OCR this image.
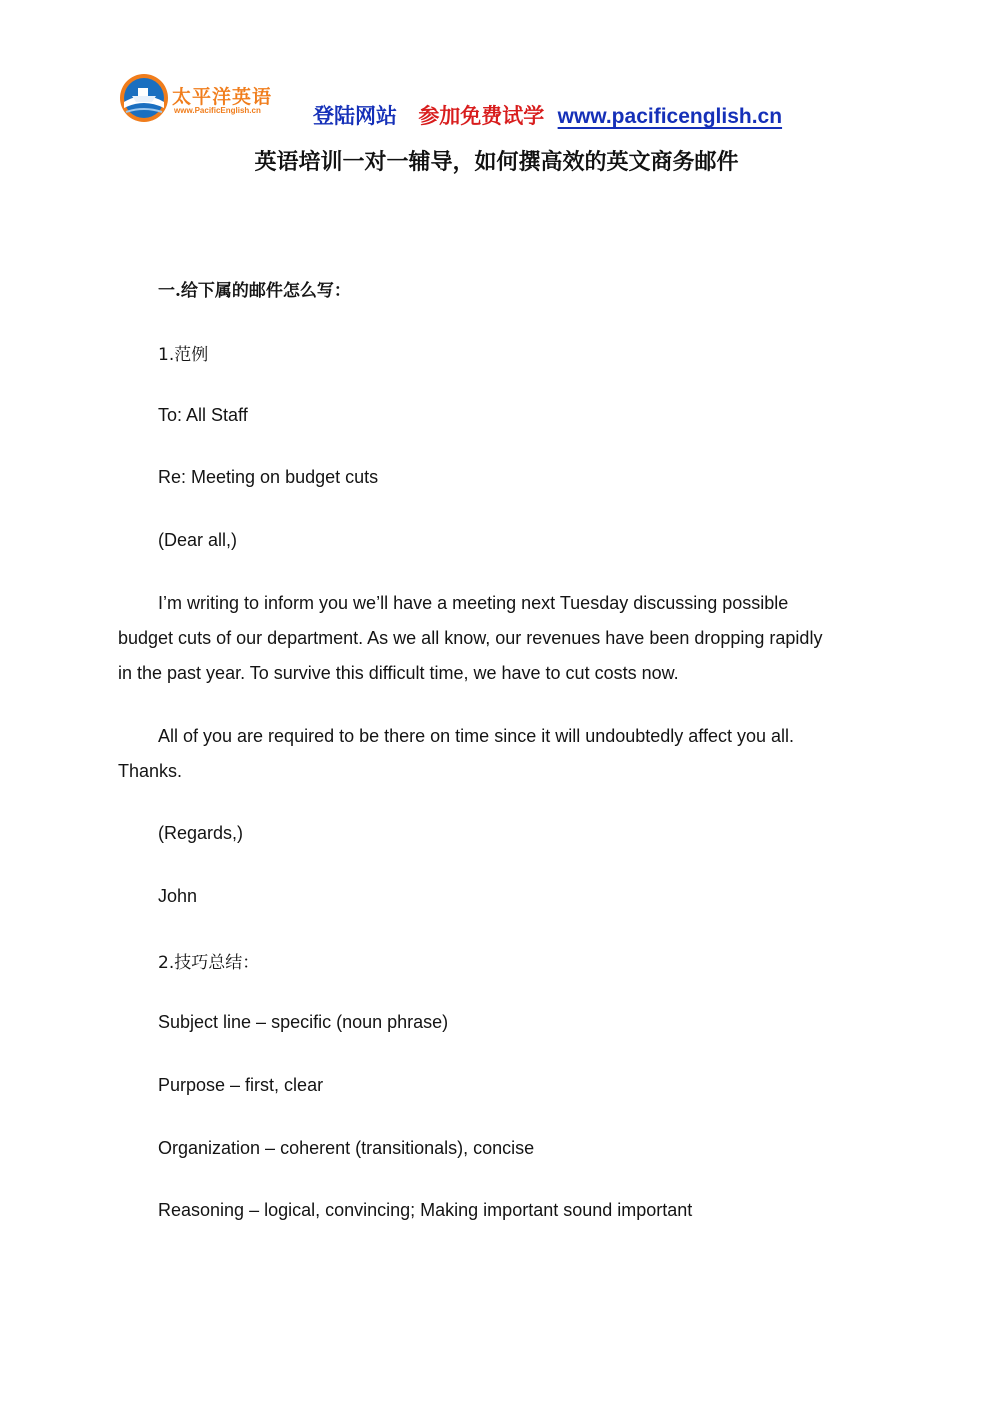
太平洋英语
www.PacificEnglish.cn 登陆网站 参加免费试学 www.pacificenglish.cn
英语培训一对一辅导，如何撰高效的英文商务邮件
一.给下属的邮件怎么写：
1.范例
To: All Staff
Re: Meeting on budget cuts
(Dear all,)
I’m writing to inform you we’ll have a meeting next Tuesday discussing possible
budget cuts of our department. As we all know, our revenues have been dropping rapidly
in the past year. To survive this difficult time, we have to cut costs now.
All of you are required to be there on time since it will undoubtedly affect you all.
Thanks.
(Regards,)
John
2.技巧总结：
Subject line – specific (noun phrase)
Purpose – first, clear
Organization – coherent (transitionals), concise
Reasoning – logical, convincing; Making important sound important
